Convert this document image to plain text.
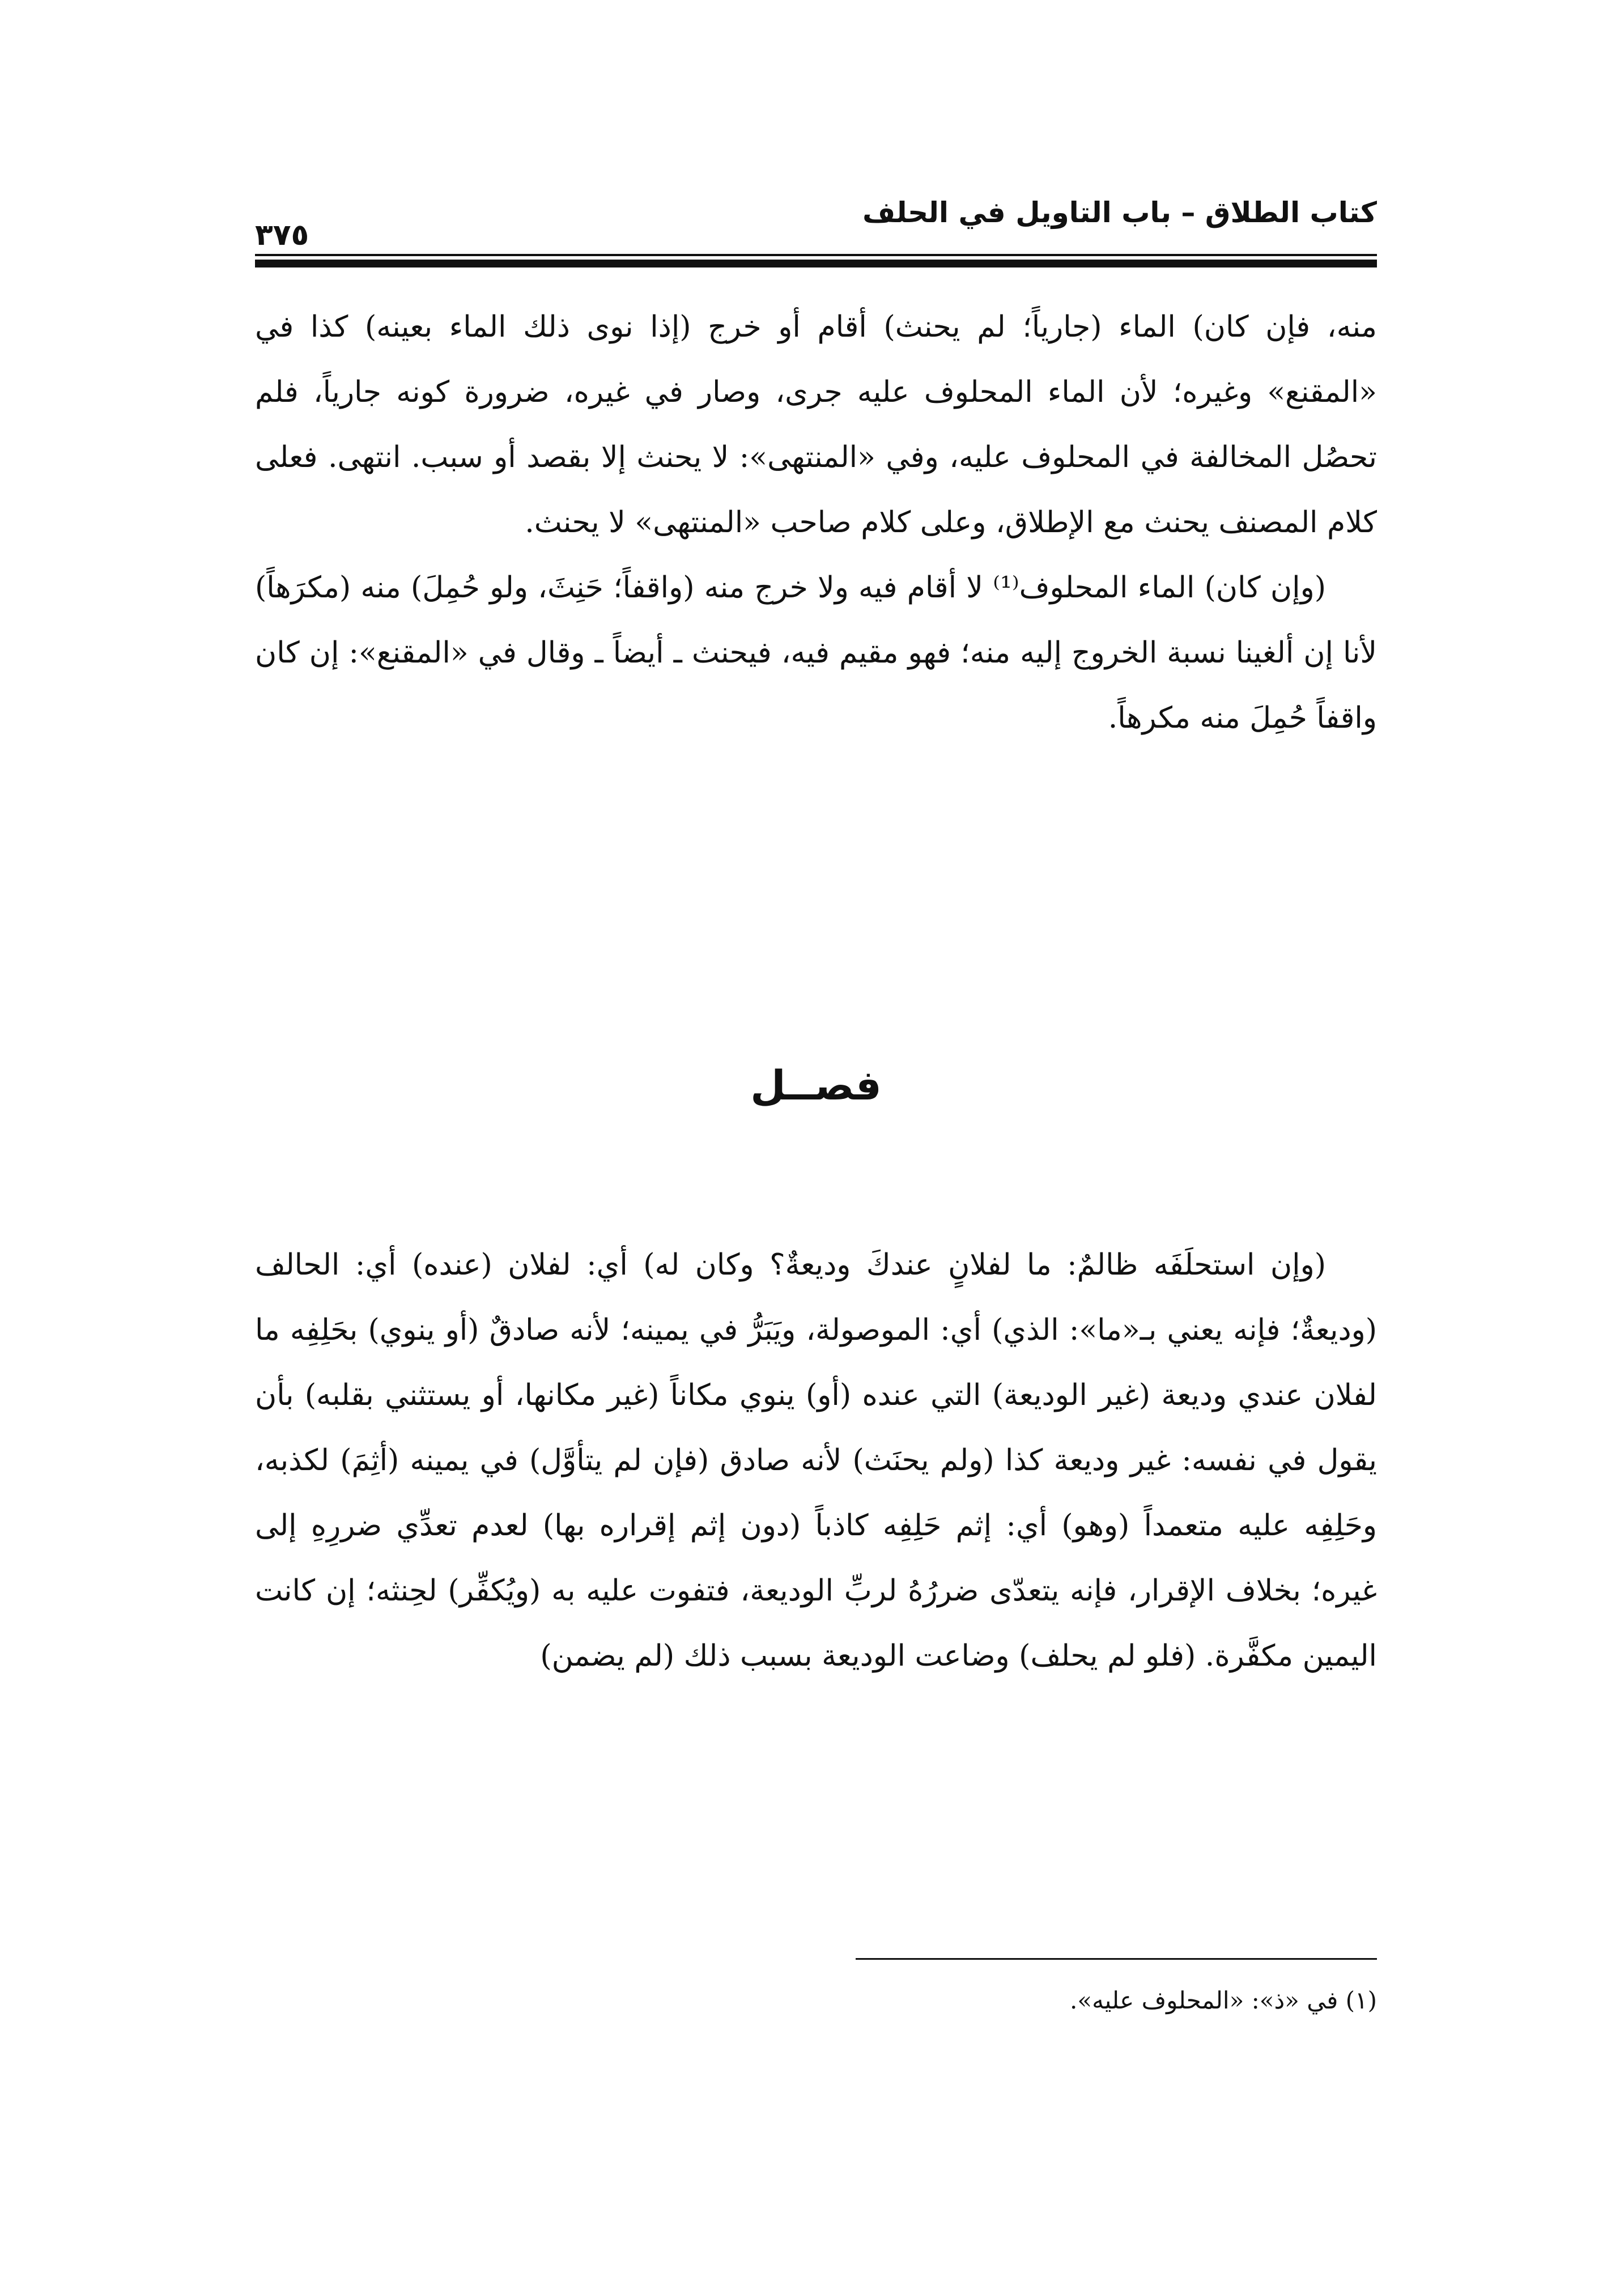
كتاب الطلاق – باب التاويل في الحلف
٣٧٥

منه، فإن كان) الماء (جارياً؛ لم يحنث) أقام أو خرج (إذا نوى ذلك الماء بعينه) كذا في «المقنع» وغيره؛ لأن الماء المحلوف عليه جرى، وصار في غيره، ضرورة كونه جارياً، فلم تحصُل المخالفة في المحلوف عليه، وفي «المنتهى»: لا يحنث إلا بقصد أو سبب. انتهى. فعلى كلام المصنف يحنث مع الإطلاق، وعلى كلام صاحب «المنتهى» لا يحنث.

(وإن كان) الماء المحلوف⁽¹⁾ لا أقام فيه ولا خرج منه (واقفاً؛ حَنِثَ، ولو حُمِلَ) منه (مكرَهاً) لأنا إن ألغينا نسبة الخروج إليه منه؛ فهو مقيم فيه، فيحنث ـ أيضاً ـ وقال في «المقنع»: إن كان واقفاً حُمِلَ منه مكرهاً.

فصــل

(وإن استحلَفَه ظالمٌ: ما لفلانٍ عندكَ وديعةٌ؟ وكان له) أي: لفلان (عنده) أي: الحالف (وديعةٌ؛ فإنه يعني بـ«ما»: الذي) أي: الموصولة، ويَبَرُّ في يمينه؛ لأنه صادقٌ (أو ينوي) بحَلِفِه ما لفلان عندي وديعة (غير الوديعة) التي عنده (أو) ينوي مكاناً (غير مكانها، أو يستثني بقلبه) بأن يقول في نفسه: غير وديعة كذا (ولم يحنَث) لأنه صادق (فإن لم يتأوَّل) في يمينه (أثِمَ) لكذبه، وحَلِفِه عليه متعمداً (وهو) أي: إثم حَلِفِه كاذباً (دون إثم إقراره بها) لعدم تعدِّي ضررِهِ إلى غيره؛ بخلاف الإقرار، فإنه يتعدّى ضررُهُ لربِّ الوديعة، فتفوت عليه به (ويُكفِّر) لحِنثه؛ إن كانت اليمين مكفَّرة. (فلو لم يحلف) وضاعت الوديعة بسبب ذلك (لم يضمن)

(١) في «ذ»: «المحلوف عليه».
